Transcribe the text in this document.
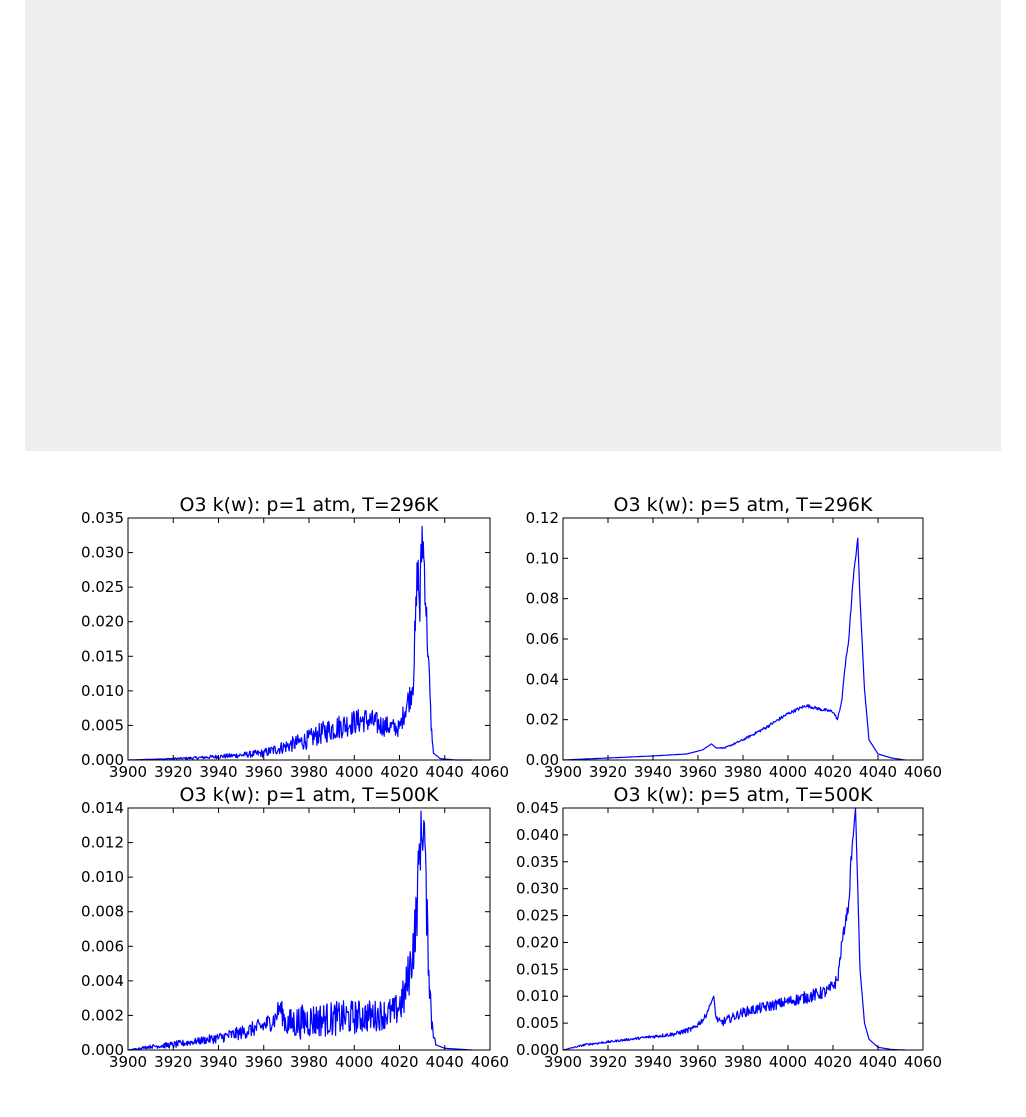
3900 3920 3940 3960 3980 4000 4020 4040 4060
0.000
0.005
0.010
0.015
0.020
0.025
0.030
0.035
O3 k(w): p=1 atm, T=296K
3900 3920 3940 3960 3980 4000 4020 4040 4060
0.00
0.02
0.04
0.06
0.08
0.10
0.12
O3 k(w): p=5 atm, T=296K
3900 3920 3940 3960 3980 4000 4020 4040 4060
0.000
0.002
0.004
0.006
0.008
0.010
0.012
0.014
O3 k(w): p=1 atm, T=500K
3900 3920 3940 3960 3980 4000 4020 4040 4060
0.000
0.005
0.010
0.015
0.020
0.025
0.030
0.035
0.040
0.045
O3 k(w): p=5 atm, T=500K
